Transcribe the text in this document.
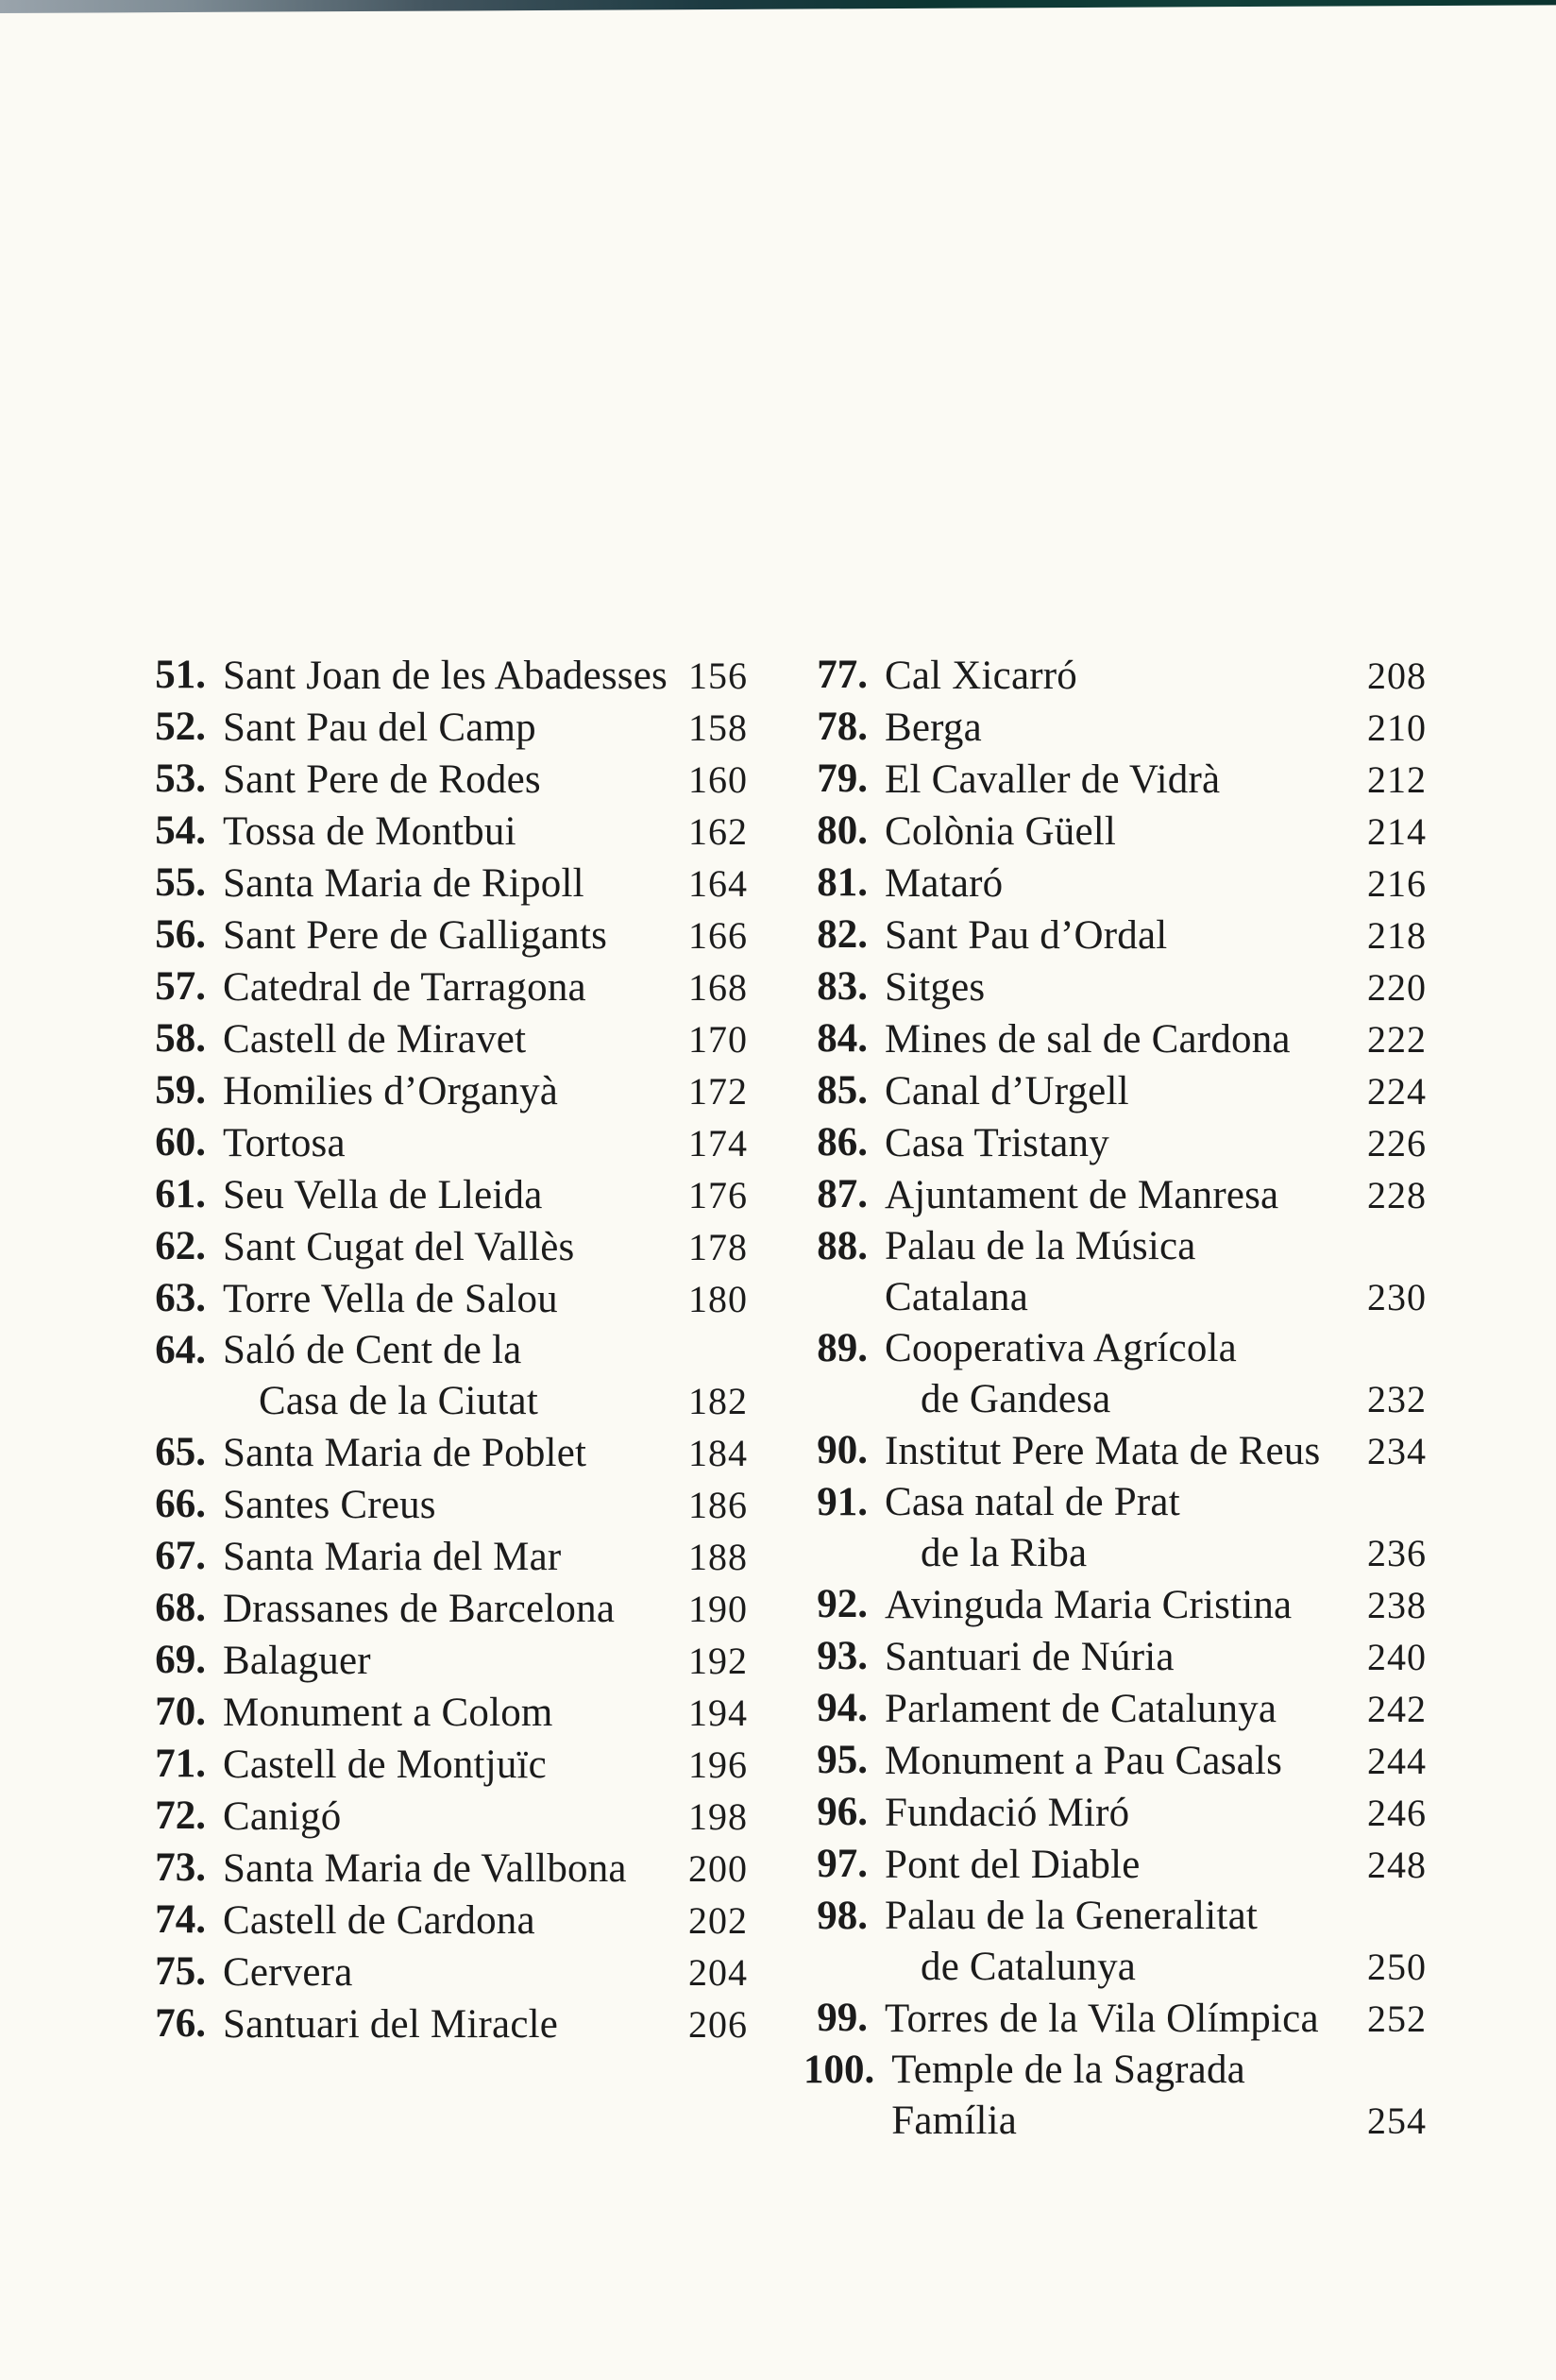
51. Sant Joan de les Abadesses 156
52. Sant Pau del Camp	158
53. Sant Pere de Rodes	160
54. Tossa de Montbui	162
55. Santa Maria de Ripoll	164
56. Sant Pere de Galligants	166
57. Catedral de Tarragona	168
58. Castell de Miravet	170
59. Homilies d’Organyà	172
60. Tortosa	174
61. Seu Vella de Lleida	176
62. Sant Cugat del Vallès	178
63. Torre Vella de Salou	180
64. Saló de Cent de la
Casa de la Ciutat	182
65. Santa Maria de Poblet	184
66. Santes Creus	186
67. Santa Maria del Mar	188
68. Drassanes de Barcelona	190
69. Balaguer	192
70. Monument a Colom	194
71. Castell de Montjuïc	196
72. Canigó	198
73. Santa Maria de Vallbona	200
74. Castell de Cardona	202
75. Cervera	204
76. Santuari del Miracle	206
77. Cal Xicarró	208
78. Berga	210
79. El Cavaller de Vidrà	212
80. Colònia Güell	214
81. Mataró	216
82. Sant Pau d’Ordal	218
83. Sitges	220
84. Mines de sal de Cardona	222
85. Canal d’Urgell	224
86. Casa Tristany	226
87. Ajuntament de Manresa	228
88. Palau de la Música Catalana	230
89. Cooperativa Agrícola
de Gandesa	232
90. Institut Pere Mata de Reus	234
91. Casa natal de Prat
de la Riba	236
92. Avinguda Maria Cristina	238
93. Santuari de Núria	240
94. Parlament de Catalunya	242
95. Monument a Pau Casals	244
96. Fundació Miró	246
97. Pont del Diable	248
98. Palau de la Generalitat
de Catalunya	250
99. Torres de la Vila Olímpica	252
100. Temple de la Sagrada Família	254
